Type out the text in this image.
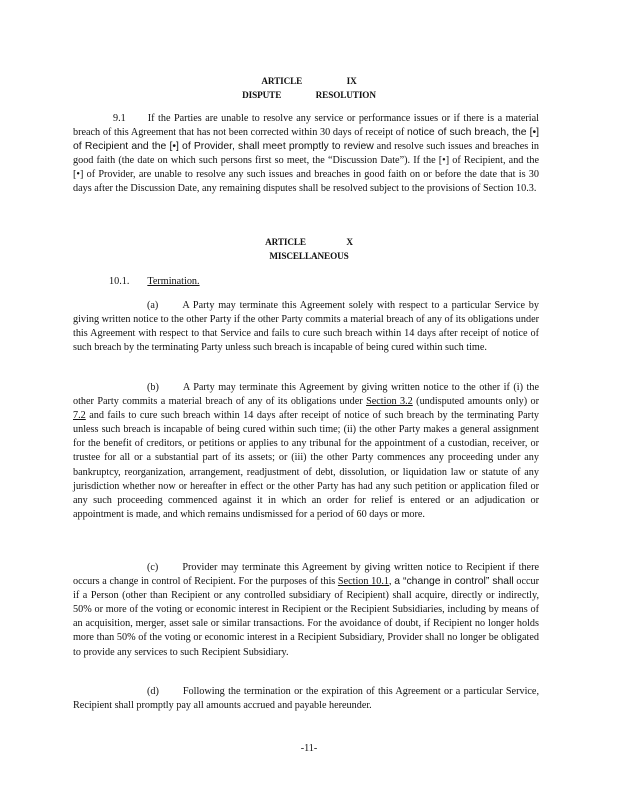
ARTICLE	IX
DISPUTE	RESOLUTION

9.1 If the Parties are unable to resolve any service or performance issues or if there is a material breach of this Agreement that has not been corrected within 30 days of receipt of notice of such breach, the [•] of Recipient and the [•] of Provider, shall meet promptly to review and resolve such issues and breaches in good faith (the date on which such persons first so meet, the “Discussion Date”). If the [•] of Recipient, and the [•] of Provider, are unable to resolve any such issues and breaches in good faith on or before the date that is 30 days after the Discussion Date, any remaining disputes shall be resolved subject to the provisions of Section 10.3.

ARTICLE	X
MISCELLANEOUS
10.1. Termination.

(a) A Party may terminate this Agreement solely with respect to a particular Service by giving written notice to the other Party if the other Party commits a material breach of any of its obligations under this Agreement with respect to that Service and fails to cure such breach within 14 days after receipt of notice of such breach by the terminating Party unless such breach is incapable of being cured within such time.

(b) A Party may terminate this Agreement by giving written notice to the other if (i) the other Party commits a material breach of any of its obligations under Section 3.2 (undisputed amounts only) or 7.2 and fails to cure such breach within 14 days after receipt of notice of such breach by the terminating Party unless such breach is incapable of being cured within such time; (ii) the other Party makes a general assignment for the benefit of creditors, or petitions or applies to any tribunal for the appointment of a custodian, receiver, or trustee for all or a substantial part of its assets; or (iii) the other Party commences any proceeding under any bankruptcy, reorganization, arrangement, readjustment of debt, dissolution, or liquidation law or statute of any jurisdiction whether now or hereafter in effect or the other Party has had any such petition or application filed or any such proceeding commenced against it in which an order for relief is entered or an adjudication or appointment is made, and which remains undismissed for a period of 60 days or more.

(c) Provider may terminate this Agreement by giving written notice to Recipient if there occurs a change in control of Recipient. For the purposes of this Section 10.1, a “change in control” shall occur if a Person (other than Recipient or any controlled subsidiary of Recipient) shall acquire, directly or indirectly, 50% or more of the voting or economic interest in Recipient or the Recipient Subsidiaries, including by means of an acquisition, merger, asset sale or similar transactions. For the avoidance of doubt, if Recipient no longer holds more than 50% of the voting or economic interest in a Recipient Subsidiary, Provider shall no longer be obligated to provide any services to such Recipient Subsidiary.

(d) Following the termination or the expiration of this Agreement or a particular Service, Recipient shall promptly pay all amounts accrued and payable hereunder.

-11-
